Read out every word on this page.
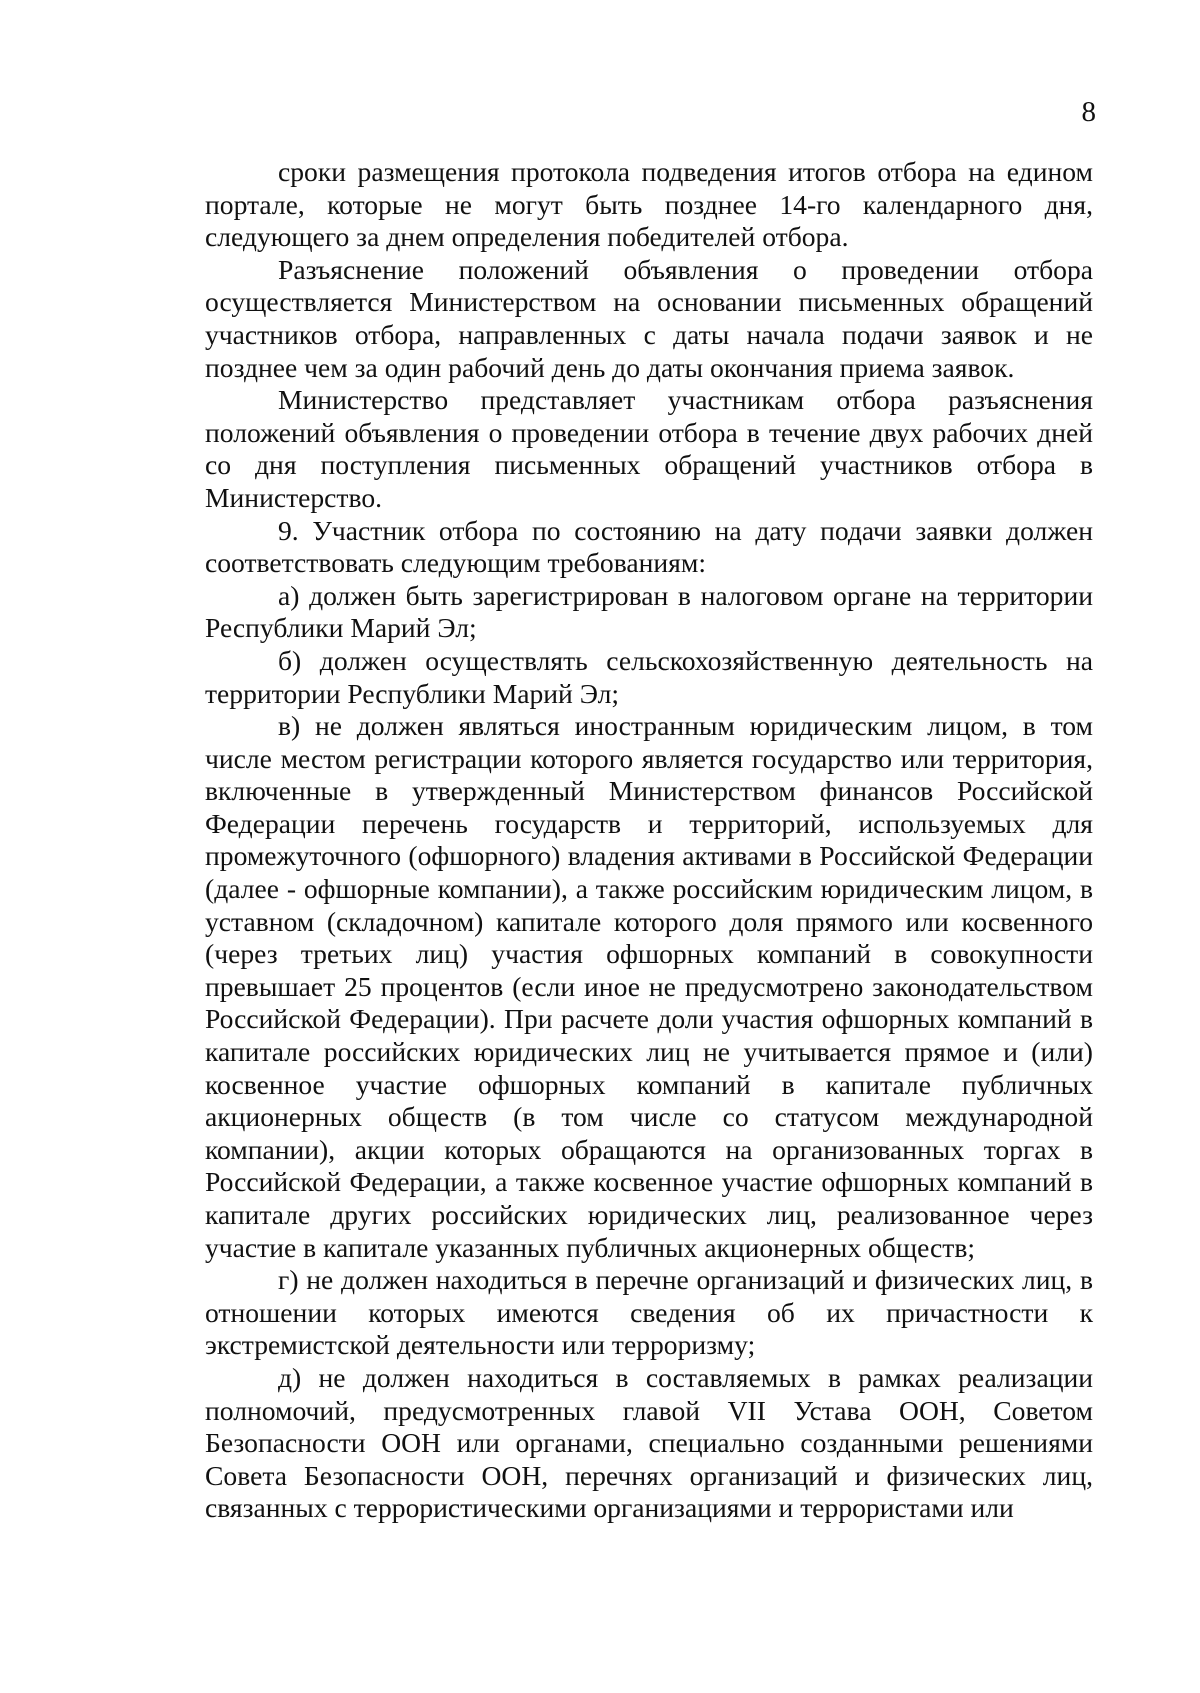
8

сроки размещения протокола подведения итогов отбора на едином портале, которые не могут быть позднее 14-го календарного дня, следующего за днем определения победителей отбора.

Разъяснение положений объявления о проведении отбора осуществляется Министерством на основании письменных обращений участников отбора, направленных с даты начала подачи заявок и не позднее чем за один рабочий день до даты окончания приема заявок.

Министерство представляет участникам отбора разъяснения положений объявления о проведении отбора в течение двух рабочих дней со дня поступления письменных обращений участников отбора в Министерство.

9. Участник отбора по состоянию на дату подачи заявки должен соответствовать следующим требованиям:

а) должен быть зарегистрирован в налоговом органе на территории Республики Марий Эл;

б) должен осуществлять сельскохозяйственную деятельность на территории Республики Марий Эл;

в) не должен являться иностранным юридическим лицом, в том числе местом регистрации которого является государство или территория, включенные в утвержденный Министерством финансов Российской Федерации перечень государств и территорий, используемых для промежуточного (офшорного) владения активами в Российской Федерации (далее - офшорные компании), а также российским юридическим лицом, в уставном (складочном) капитале которого доля прямого или косвенного (через третьих лиц) участия офшорных компаний в совокупности превышает 25 процентов (если иное не предусмотрено законодательством Российской Федерации). При расчете доли участия офшорных компаний в капитале российских юридических лиц не учитывается прямое и (или) косвенное участие офшорных компаний в капитале публичных акционерных обществ (в том числе со статусом международной компании), акции которых обращаются на организованных торгах в Российской Федерации, а также косвенное участие офшорных компаний в капитале других российских юридических лиц, реализованное через участие в капитале указанных публичных акционерных обществ;

г) не должен находиться в перечне организаций и физических лиц, в отношении которых имеются сведения об их причастности к экстремистской деятельности или терроризму;

д) не должен находиться в составляемых в рамках реализации полномочий, предусмотренных главой VII Устава ООН, Советом Безопасности ООН или органами, специально созданными решениями Совета Безопасности ООН, перечнях организаций и физических лиц, связанных с террористическими организациями и террористами или
